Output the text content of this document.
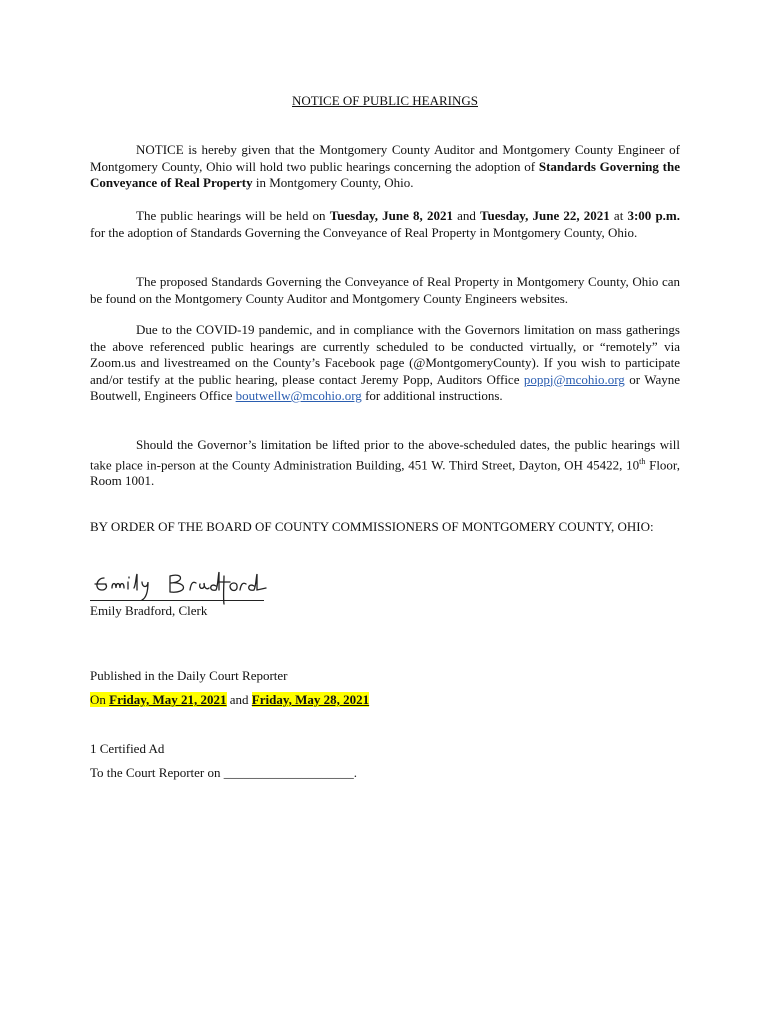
NOTICE OF PUBLIC HEARINGS
NOTICE is hereby given that the Montgomery County Auditor and Montgomery County Engineer of Montgomery County, Ohio will hold two public hearings concerning the adoption of Standards Governing the Conveyance of Real Property in Montgomery County, Ohio.
The public hearings will be held on Tuesday, June 8, 2021 and Tuesday, June 22, 2021 at 3:00 p.m. for the adoption of Standards Governing the Conveyance of Real Property in Montgomery County, Ohio.
The proposed Standards Governing the Conveyance of Real Property in Montgomery County, Ohio can be found on the Montgomery County Auditor and Montgomery County Engineers websites.
Due to the COVID-19 pandemic, and in compliance with the Governors limitation on mass gatherings the above referenced public hearings are currently scheduled to be conducted virtually, or “remotely” via Zoom.us and livestreamed on the County’s Facebook page (@MontgomeryCounty). If you wish to participate and/or testify at the public hearing, please contact Jeremy Popp, Auditors Office poppj@mcohio.org or Wayne Boutwell, Engineers Office boutwellw@mcohio.org for additional instructions.
Should the Governor’s limitation be lifted prior to the above-scheduled dates, the public hearings will take place in-person at the County Administration Building, 451 W. Third Street, Dayton, OH 45422, 10th Floor, Room 1001.
BY ORDER OF THE BOARD OF COUNTY COMMISSIONERS OF MONTGOMERY COUNTY, OHIO:
Emily Bradford, Clerk
Published in the Daily Court Reporter
On Friday, May 21, 2021 and Friday, May 28, 2021
1 Certified Ad
To the Court Reporter on ____________________.
